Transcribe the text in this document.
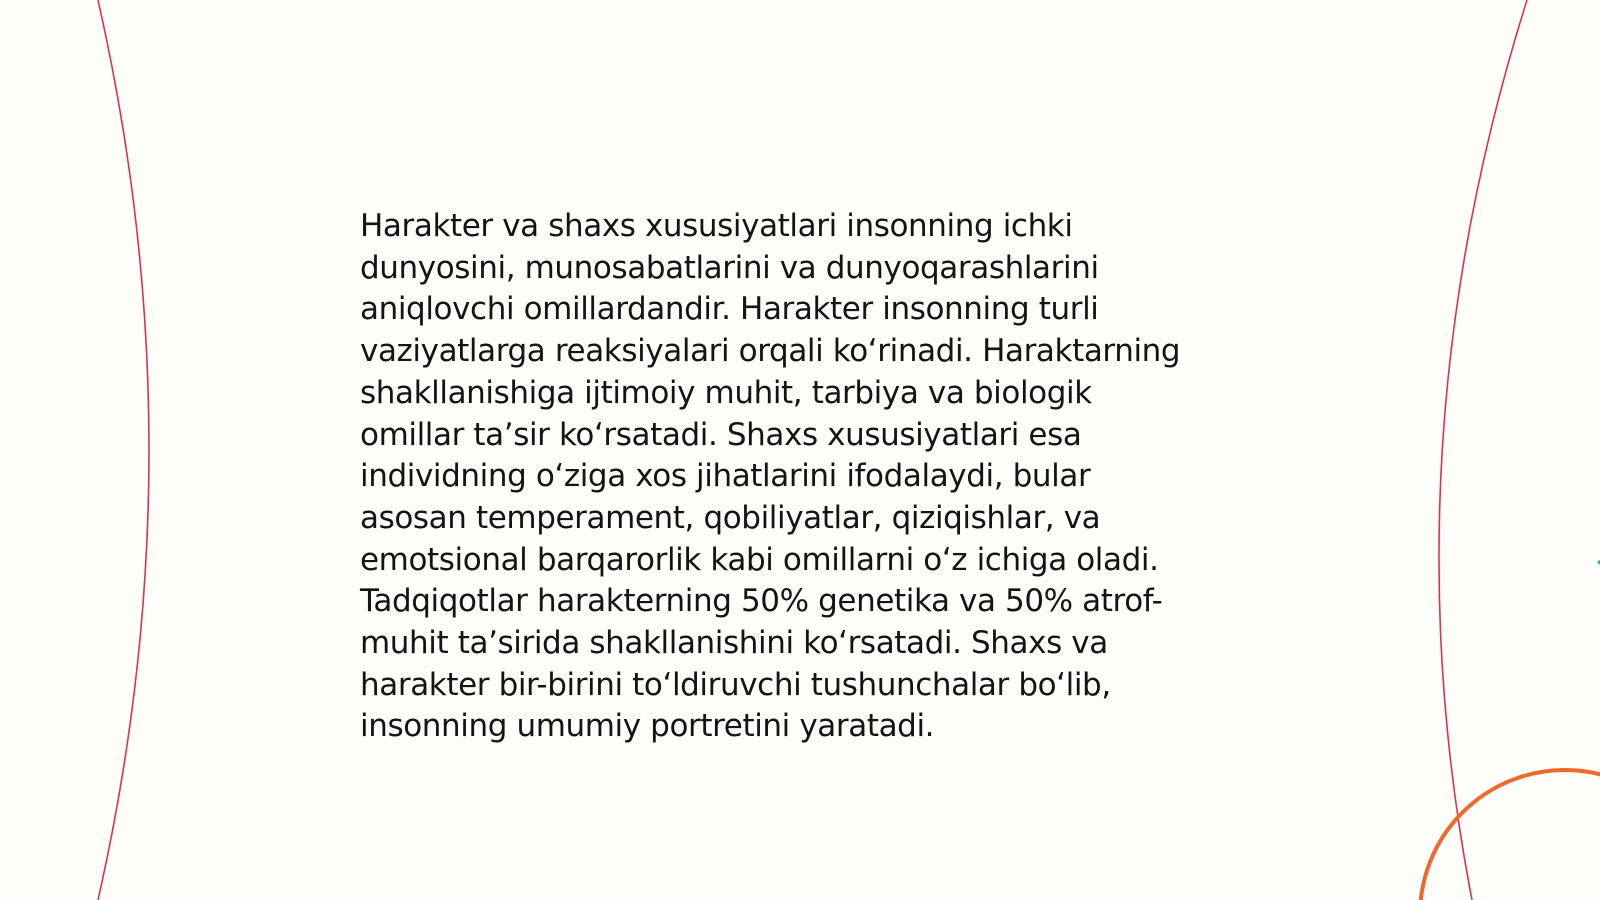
Harakter va shaxs xususiyatlari insonning ichki
dunyosini, munosabatlarini va dunyoqarashlarini
aniqlovchi omillardandir. Harakter insonning turli
vaziyatlarga reaksiyalari orqali koʻrinadi. Haraktarning
shakllanishiga ijtimoiy muhit, tarbiya va biologik
omillar taʼsir koʻrsatadi. Shaxs xususiyatlari esa
individning oʻziga xos jihatlarini ifodalaydi, bular
asosan temperament, qobiliyatlar, qiziqishlar, va
emotsional barqarorlik kabi omillarni oʻz ichiga oladi.
Tadqiqotlar harakterning 50% genetika va 50% atrof-
muhit taʼsirida shakllanishini koʻrsatadi. Shaxs va
harakter bir-birini toʻldiruvchi tushunchalar boʻlib,
insonning umumiy portretini yaratadi.
